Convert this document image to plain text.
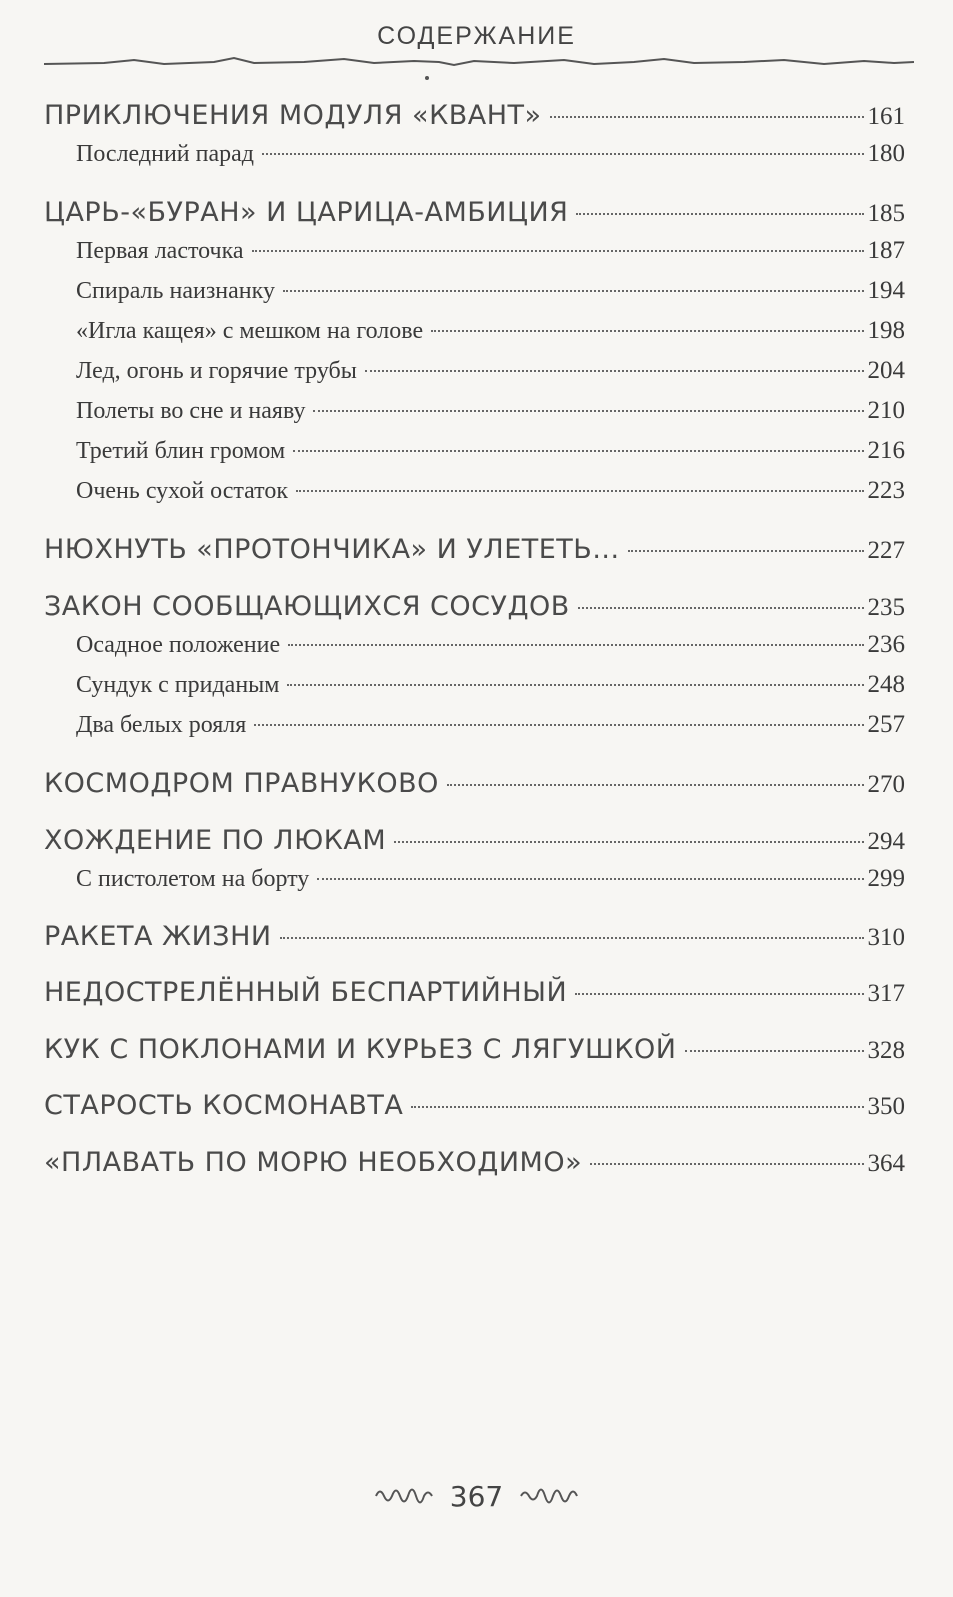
СОДЕРЖАНИЕ
ПРИКЛЮЧЕНИЯ МОДУЛЯ «КВАНТ»	161
Последний парад	180
ЦАРЬ-«БУРАН» И ЦАРИЦА-АМБИЦИЯ	185
Первая ласточка	187
Спираль наизнанку	194
«Игла кащея» с мешком на голове	198
Лед, огонь и горячие трубы	204
Полеты во сне и наяву	210
Третий блин громом	216
Очень сухой остаток	223
НЮХНУТЬ «ПРОТОНЧИКА» И УЛЕТЕТЬ...	227
ЗАКОН СООБЩАЮЩИХСЯ СОСУДОВ	235
Осадное положение	236
Сундук с приданым	248
Два белых рояля	257
КОСМОДРОМ ПРАВНУКОВО	270
ХОЖДЕНИЕ ПО ЛЮКАМ	294
С пистолетом на борту	299
РАКЕТА ЖИЗНИ	310
НЕДОСТРЕЛЁННЫЙ БЕСПАРТИЙНЫЙ	317
КУК С ПОКЛОНАМИ И КУРЬЕЗ С ЛЯГУШКОЙ	328
СТАРОСТЬ КОСМОНАВТА	350
«ПЛАВАТЬ ПО МОРЮ НЕОБХОДИМО»	364
367
